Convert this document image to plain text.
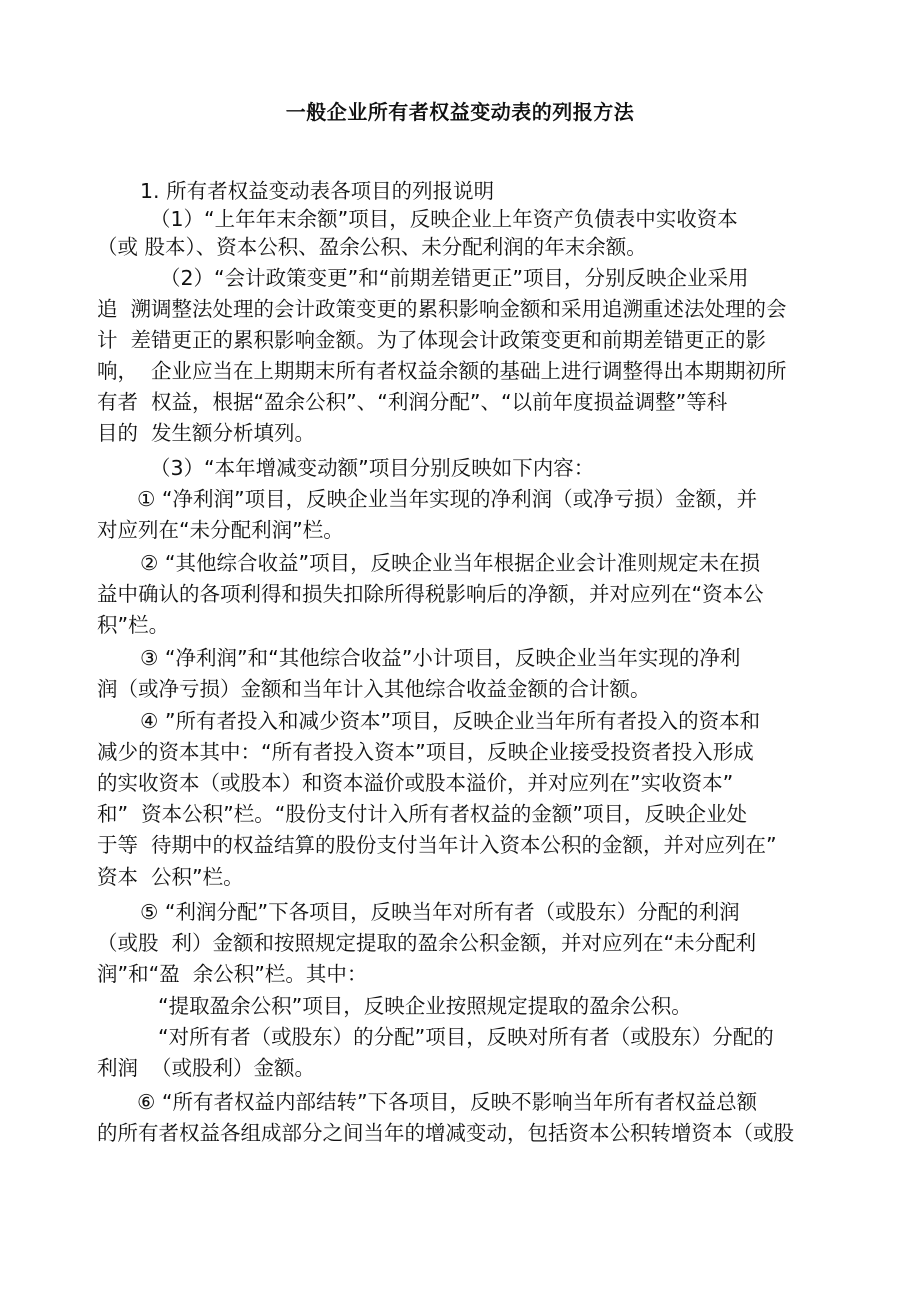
一般企业所有者权益变动表的列报方法
1. 所有者权益变动表各项目的列报说明
（1）“上年年末余额”项目，反映企业上年资产负债表中实收资本
（或 股本）、资本公积、盈余公积、未分配利润的年末余额。
（2）“会计政策变更”和“前期差错更正”项目，分别反映企业采用
追  溯调整法处理的会计政策变更的累积影响金额和采用追溯重述法处理的会
计  差错更正的累积影响金额。为了体现会计政策变更和前期差错更正的影
响，  企业应当在上期期末所有者权益余额的基础上进行调整得出本期期初所
有者  权益，根据“盈余公积”、“利润分配”、“以前年度损益调整”等科
目的  发生额分析填列。
（3）“本年增减变动额”项目分别反映如下内容：
① “净利润”项目，反映企业当年实现的净利润（或净亏损）金额，并
对应列在“未分配利润”栏。
② “其他综合收益”项目，反映企业当年根据企业会计准则规定未在损
益中确认的各项利得和损失扣除所得税影响后的净额，并对应列在“资本公
积”栏。
③ “净利润”和“其他综合收益”小计项目，反映企业当年实现的净利
润（或净亏损）金额和当年计入其他综合收益金额的合计额。
④ ”所有者投入和减少资本”项目，反映企业当年所有者投入的资本和
减少的资本其中：“所有者投入资本”项目，反映企业接受投资者投入形成
的实收资本（或股本）和资本溢价或股本溢价，并对应列在”实收资本”
和”  资本公积”栏。“股份支付计入所有者权益的金额”项目，反映企业处
于等  待期中的权益结算的股份支付当年计入资本公积的金额，并对应列在”
资本  公积”栏。
⑤ “利润分配”下各项目，反映当年对所有者（或股东）分配的利润
（或股  利）金额和按照规定提取的盈余公积金额，并对应列在“未分配利
润”和“盈  余公积”栏。其中：
“提取盈余公积”项目，反映企业按照规定提取的盈余公积。
“对所有者（或股东）的分配”项目，反映对所有者（或股东）分配的
利润  （或股利）金额。
⑥ “所有者权益内部结转”下各项目，反映不影响当年所有者权益总额
的所有者权益各组成部分之间当年的增减变动，包括资本公积转增资本（或股
